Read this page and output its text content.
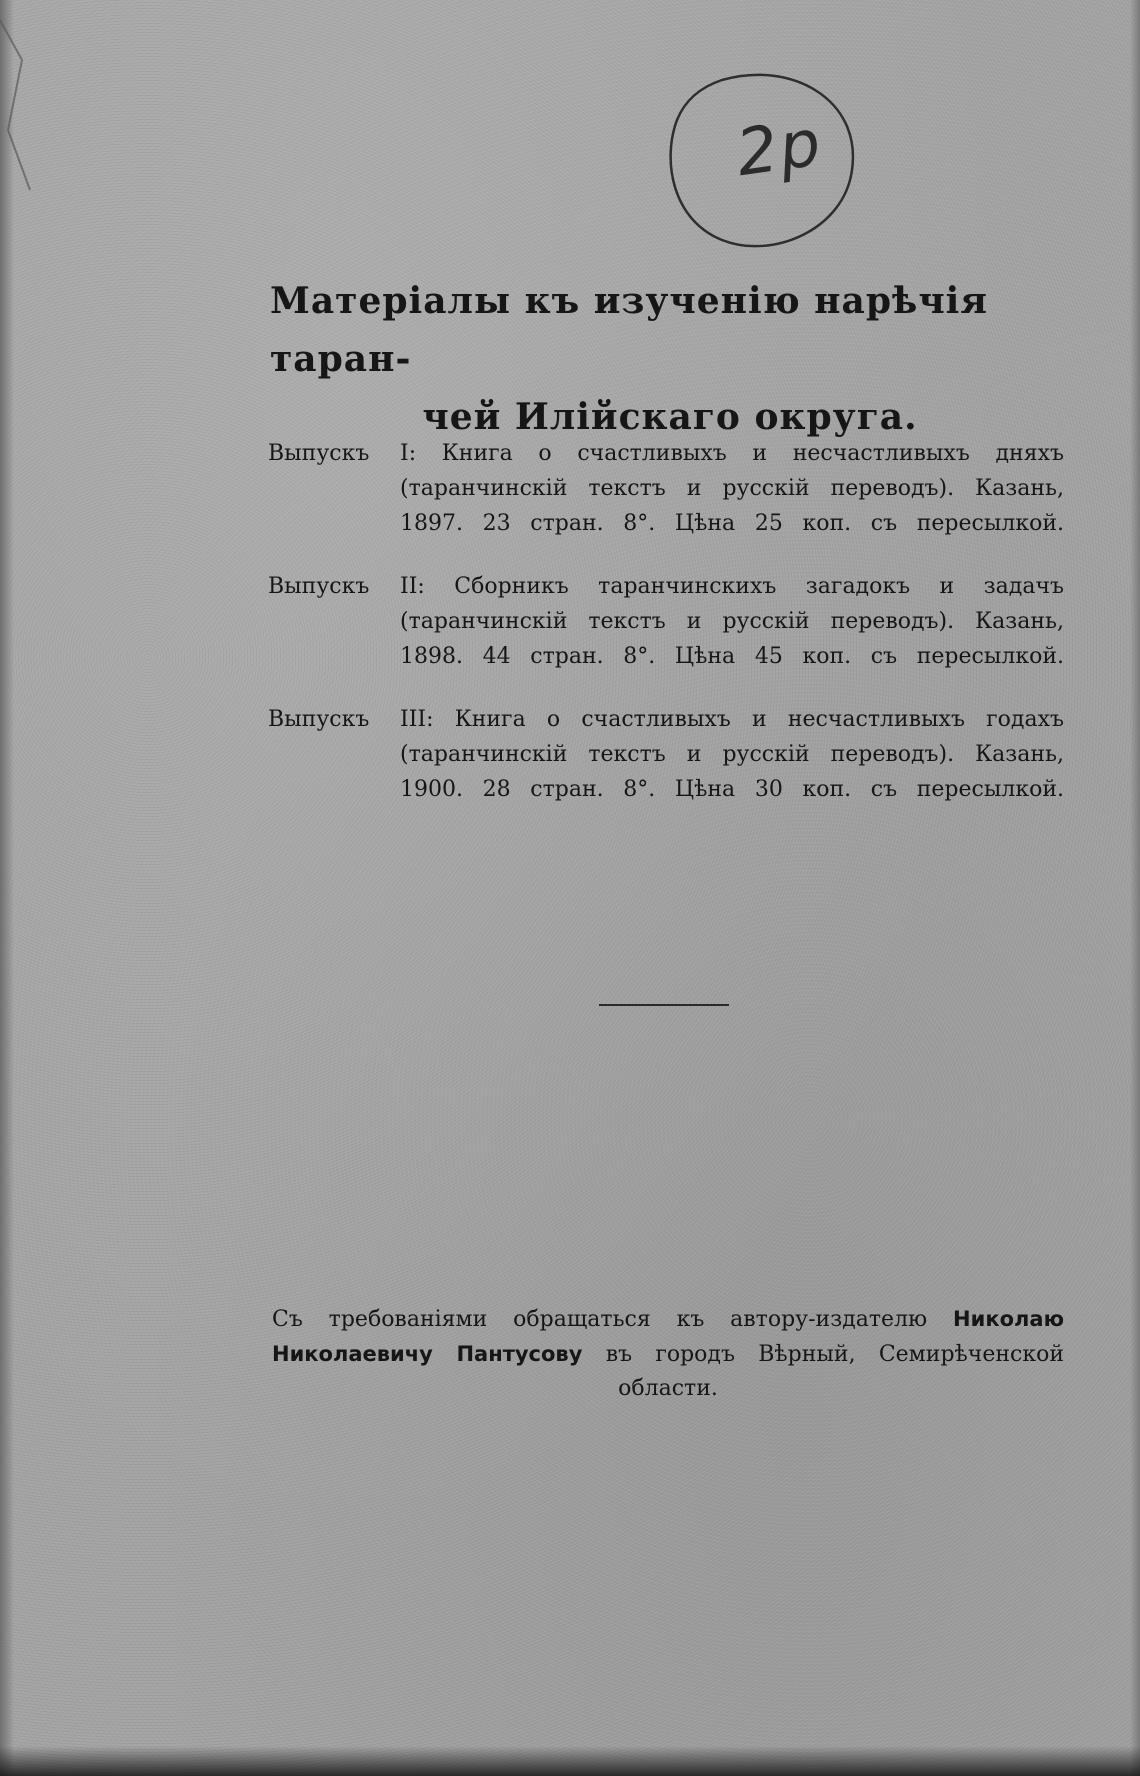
2р
Матеріалы къ изученію нарѣчія таран-
чей Илійскаго округа.
Выпускъ	I: Книга о счастливыхъ и несчастливыхъ дняхъ
(таранчинскій текстъ и русскій переводъ). Казань,
1897. 23 стран. 8°. Цѣна 25 коп. съ пересылкой.
Выпускъ	II: Сборникъ таранчинскихъ загадокъ и задачъ
(таранчинскій текстъ и русскій переводъ). Казань,
1898. 44 стран. 8°. Цѣна 45 коп. съ пересылкой.
Выпускъ	III: Книга о счастливыхъ и несчастливыхъ годахъ
(таранчинскій текстъ и русскій переводъ). Казань,
1900. 28 стран. 8°. Цѣна 30 коп. съ пересылкой.
Съ требованіями обращаться къ автору-издателю Николаю
Николаевичу Пантусову въ городъ Вѣрный, Семирѣченской
области.
